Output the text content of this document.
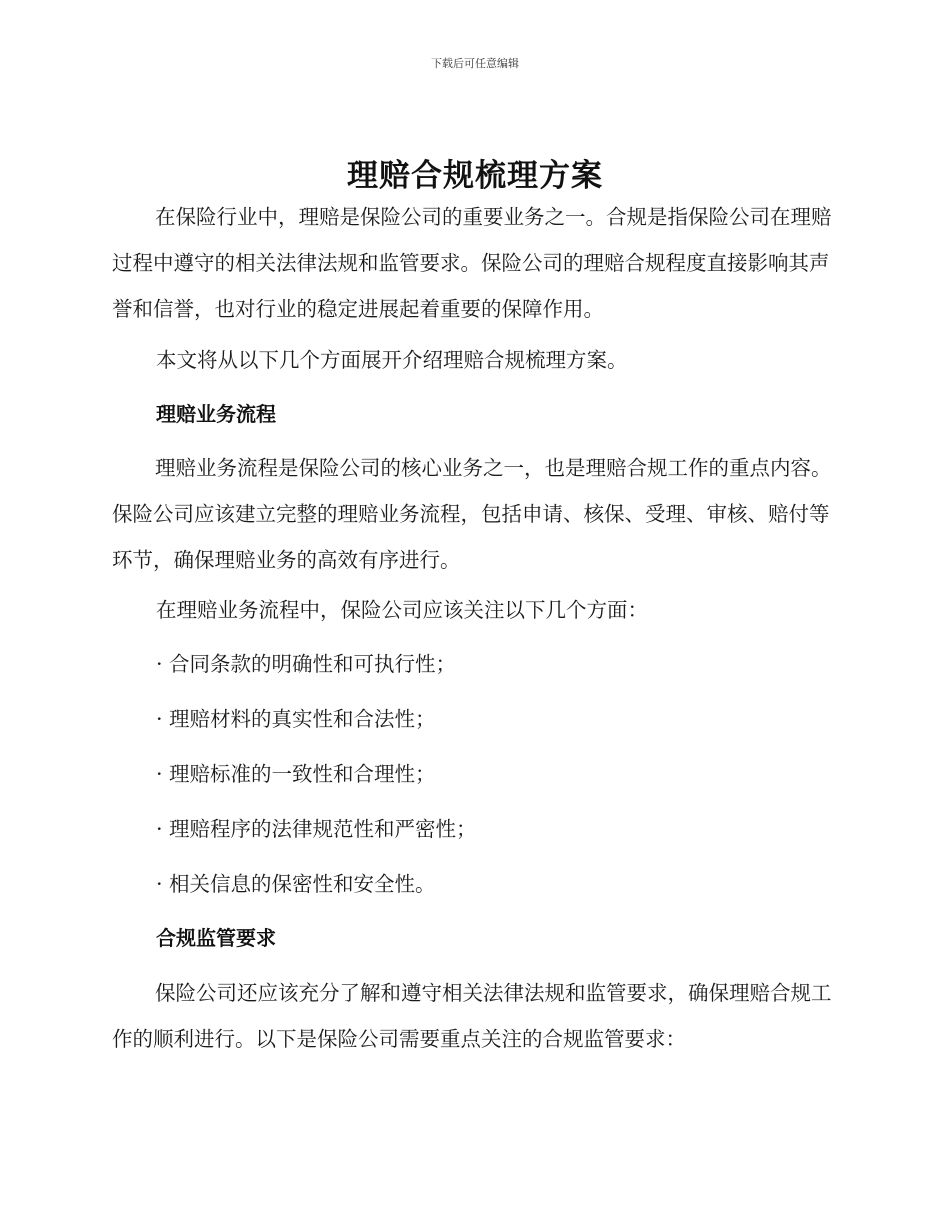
下载后可任意编辑
理赔合规梳理方案

在保险行业中，理赔是保险公司的重要业务之一。合规是指保险公司在理赔过程中遵守的相关法律法规和监管要求。保险公司的理赔合规程度直接影响其声誉和信誉，也对行业的稳定进展起着重要的保障作用。

本文将从以下几个方面展开介绍理赔合规梳理方案。

理赔业务流程

理赔业务流程是保险公司的核心业务之一，也是理赔合规工作的重点内容。保险公司应该建立完整的理赔业务流程，包括申请、核保、受理、审核、赔付等环节，确保理赔业务的高效有序进行。

在理赔业务流程中，保险公司应该关注以下几个方面：

· 合同条款的明确性和可执行性；

· 理赔材料的真实性和合法性；

· 理赔标准的一致性和合理性；

· 理赔程序的法律规范性和严密性；

· 相关信息的保密性和安全性。

合规监管要求

保险公司还应该充分了解和遵守相关法律法规和监管要求，确保理赔合规工作的顺利进行。以下是保险公司需要重点关注的合规监管要求：
